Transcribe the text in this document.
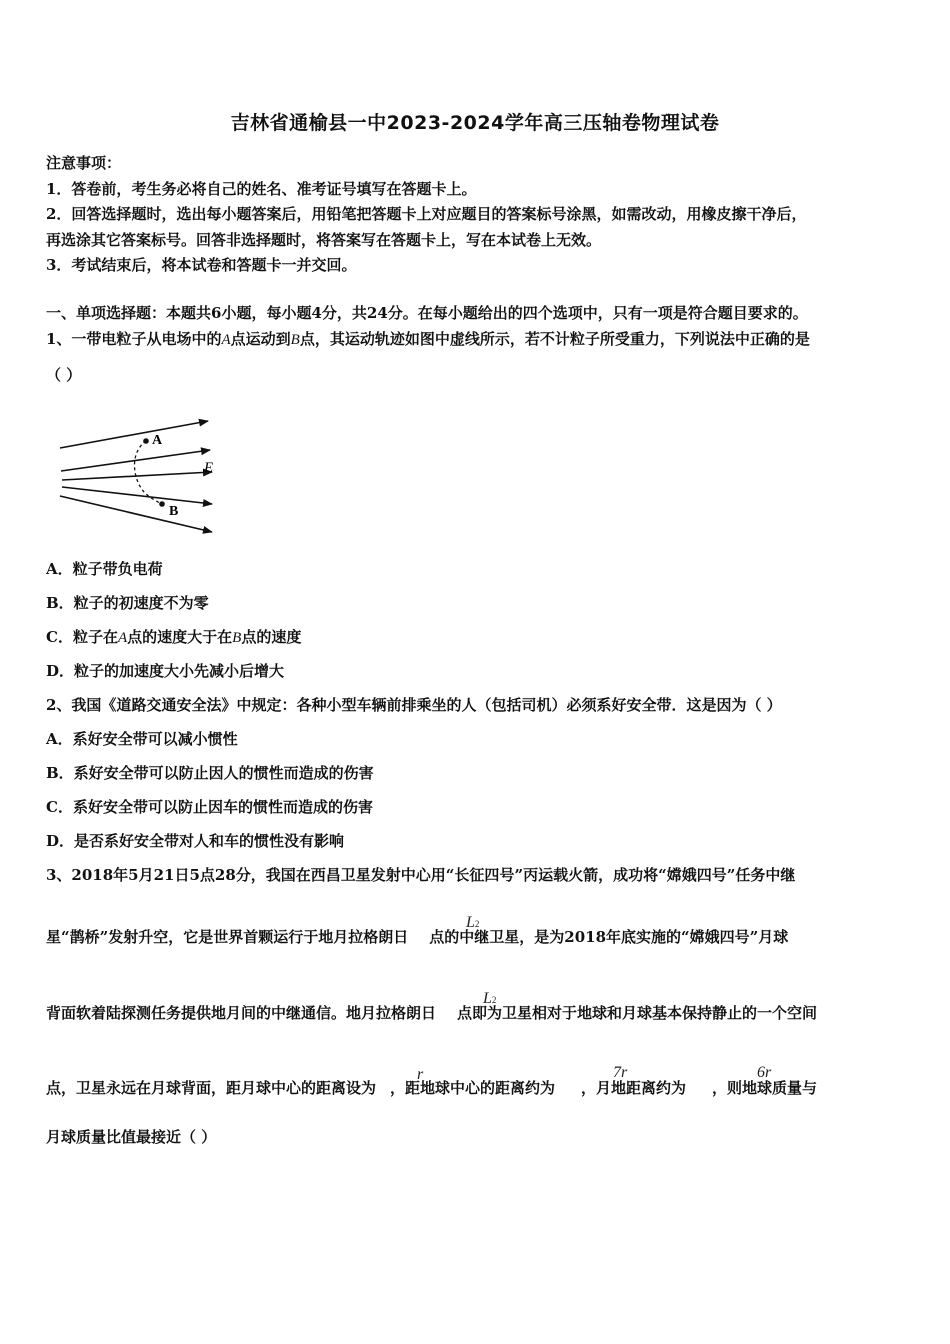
吉林省通榆县一中2023-2024学年高三压轴卷物理试卷
注意事项：
1．答卷前，考生务必将自己的姓名、准考证号填写在答题卡上。
2．回答选择题时，选出每小题答案后，用铅笔把答题卡上对应题目的答案标号涂黑，如需改动，用橡皮擦干净后，
再选涂其它答案标号。回答非选择题时，将答案写在答题卡上，写在本试卷上无效。
3．考试结束后，将本试卷和答题卡一并交回。
一、单项选择题：本题共6小题，每小题4分，共24分。在每小题给出的四个选项中，只有一项是符合题目要求的。
1、一带电粒子从电场中的A点运动到B点，其运动轨迹如图中虚线所示，若不计粒子所受重力，下列说法中正确的是
（ ）
A
B
E
A．粒子带负电荷
B．粒子的初速度不为零
C．粒子在A点的速度大于在B点的速度
D．粒子的加速度大小先减小后增大
2、我国《道路交通安全法》中规定：各种小型车辆前排乘坐的人（包括司机）必须系好安全带．这是因为（ ）
A．系好安全带可以减小惯性
B．系好安全带可以防止因人的惯性而造成的伤害
C．系好安全带可以防止因车的惯性而造成的伤害
D．是否系好安全带对人和车的惯性没有影响
3、2018年5月21日5点28分，我国在西昌卫星发射中心用“长征四号”丙运载火箭，成功将“嫦娥四号”任务中继
星“鹊桥”发射升空，它是世界首颗运行于地月拉格朗日 点的中继卫星，是为2018年底实施的“嫦娥四号”月球
L2
背面软着陆探测任务提供地月间的中继通信。地月拉格朗日 点即为卫星相对于地球和月球基本保持静止的一个空间
L2
点，卫星永远在月球背面，距月球中心的距离设为 ，距地球中心的距离约为 ，月地距离约为 ，则地球质量与
r	7r	6r
月球质量比值最接近（ ）
